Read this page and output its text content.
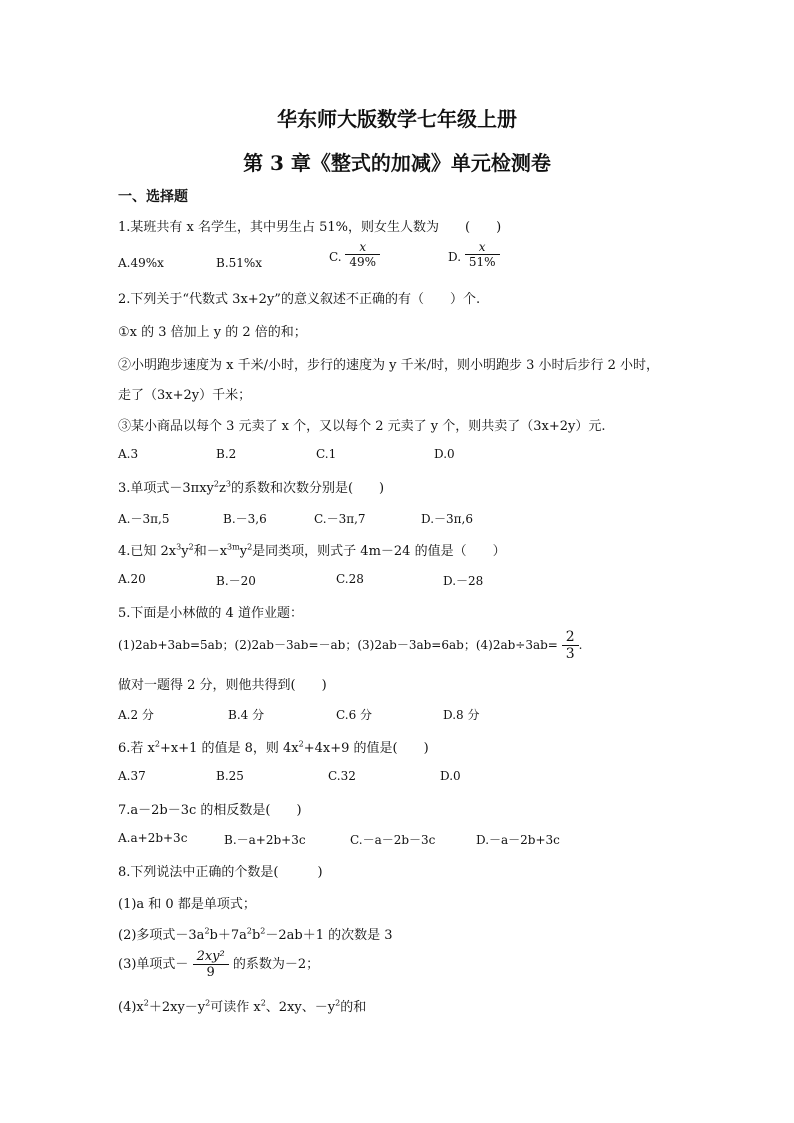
华东师大版数学七年级上册
第 3 章《整式的加减》单元检测卷
一、选择题
1.某班共有 x 名学生，其中男生占 51%，则女生人数为　　(　　)
A.49%x	B.51%x	C. $\frac{x}{49\%}$	D. $\frac{x}{51\%}$
2.下列关于“代数式 3x+2y”的意义叙述不正确的有（　　）个.
①x 的 3 倍加上 y 的 2 倍的和；
②小明跑步速度为 x 千米/小时，步行的速度为 y 千米/时，则小明跑步 3 小时后步行 2 小时，
走了（3x+2y）千米；
③某小商品以每个 3 元卖了 x 个，又以每个 2 元卖了 y 个，则共卖了（3x+2y）元.
A.3	B.2	C.1	D.0
3.单项式$-3\pi xy^2z^3$的系数和次数分别是(　　)
A.－3π,5	B.－3,6	C.－3π,7	D.－3π,6
4.已知 $2x^3y^2$和$-x^{3m}y^2$是同类项，则式子 4m－24 的值是（　　）
A.20	B.－20	C.28	D.－28
5.下面是小林做的 4 道作业题：
(1)2ab+3ab=5ab；(2)2ab－3ab=－ab；(3)2ab－3ab=6ab；$(4)2ab\div 3ab= \frac{2}{3}$ .
做对一题得 2 分，则他共得到(　　)
A.2 分	B.4 分	C.6 分	D.8 分
6.若 $x^2+x+1$ 的值是 8，则 $4x^2+4x+9$ 的值是(　　)
A.37	B.25	C.32	D.0
7.a－2b－3c 的相反数是(　　)
A.a+2b+3c	B.－a+2b+3c	C.－a－2b－3c	D.－a－2b+3c
8.下列说法中正确的个数是(　　　)
(1)a 和 0 都是单项式；
(2)多项式$-3a^2b+7a^2b^2-2ab+1$ 的次数是 3
(3)单项式－ $\frac{\text{2xy²}}{9}$ 的系数为－2；
$(4)x^2+2xy-y^2$可读作 $x^2$、2xy、$-y^2$的和
